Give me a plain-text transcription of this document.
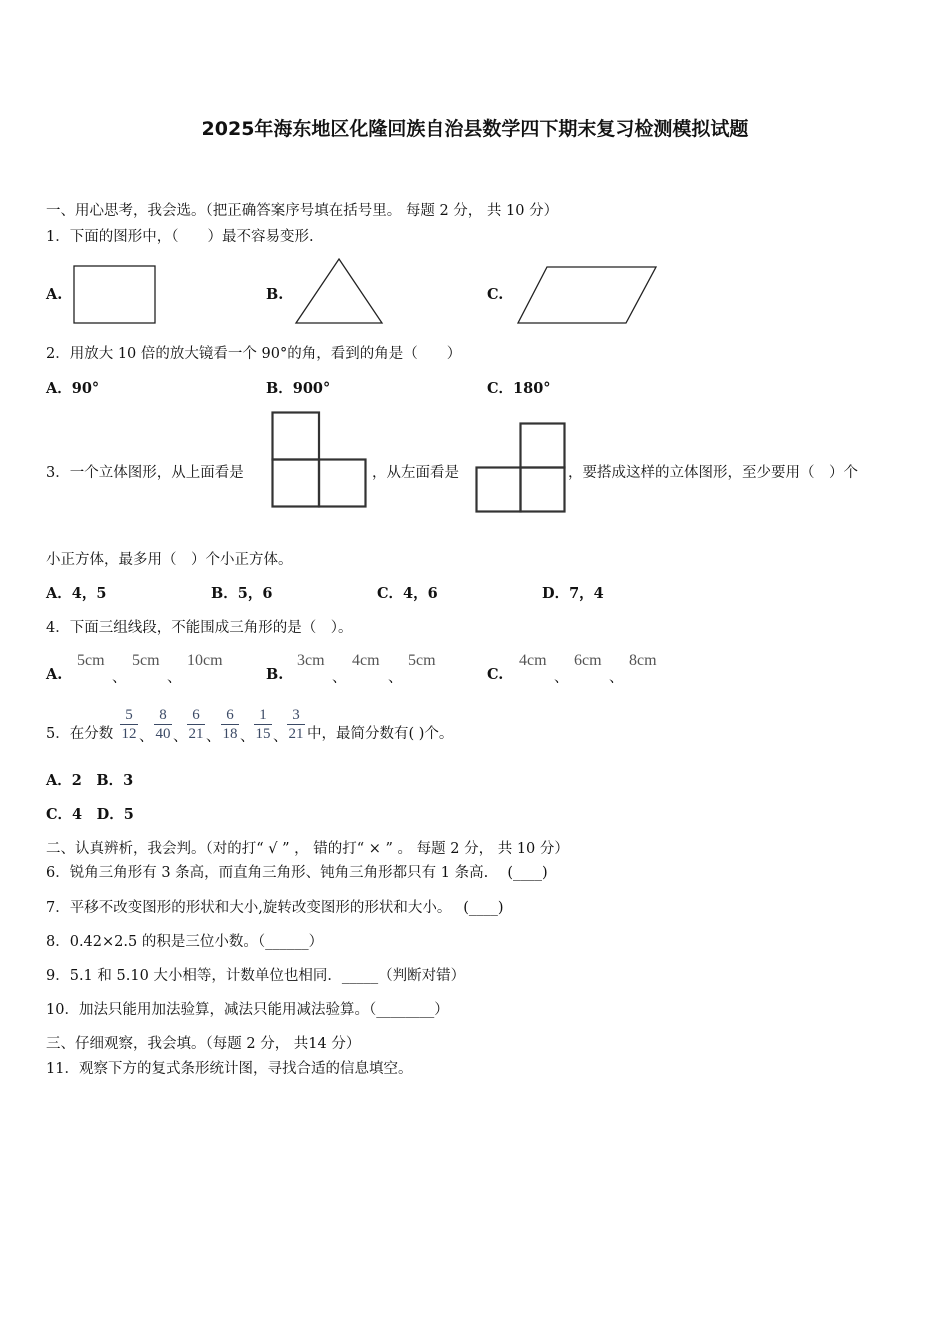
2025年海东地区化隆回族自治县数学四下期末复习检测模拟试题
一、用心思考，我会选。（把正确答案序号填在括号里。 每题 2 分， 共 10 分）
1．下面的图形中，（　　）最不容易变形.
A.	B.	C.
2．用放大 10 倍的放大镜看一个 90°的角，看到的角是（　　）
A．90°	B．900°	C．180°
3．一个立体图形，从上面看是	，从左面看是	，要搭成这样的立体图形，至少要用（　）个
小正方体，最多用（　）个小正方体。
A．4，5	B．5，6	C．4，6	D．7，4
4．下面三组线段，不能围成三角形的是（　）。
A.
5cm
、
5cm
、
10cm
B.
3cm
、
4cm
、
5cm
C.
4cm
、
6cm
、
8cm
5．在分数
5
12 、
8
40 、
6
21 、
6
18 、
1
15 、
3
21 中，最简分数有( )个。
A．2　B．3
C．4　D．5
二、认真辨析，我会判。（对的打“ √ ” ， 错的打“ × ” 。 每题 2 分， 共 10 分）
6．锐角三角形有 3 条高，而直角三角形、钝角三角形都只有 1 条高.　 (____)
7．平移不改变图形的形状和大小,旋转改变图形的形状和大小。　 (____)
8．0.42×2.5 的积是三位小数。（______）
9．5.1 和 5.10 大小相等，计数单位也相同．_____（判断对错）
10．加法只能用加法验算，减法只能用减法验算。（________）
三、仔细观察，我会填。（每题 2 分， 共14 分）
11．观察下方的复式条形统计图，寻找合适的信息填空。
